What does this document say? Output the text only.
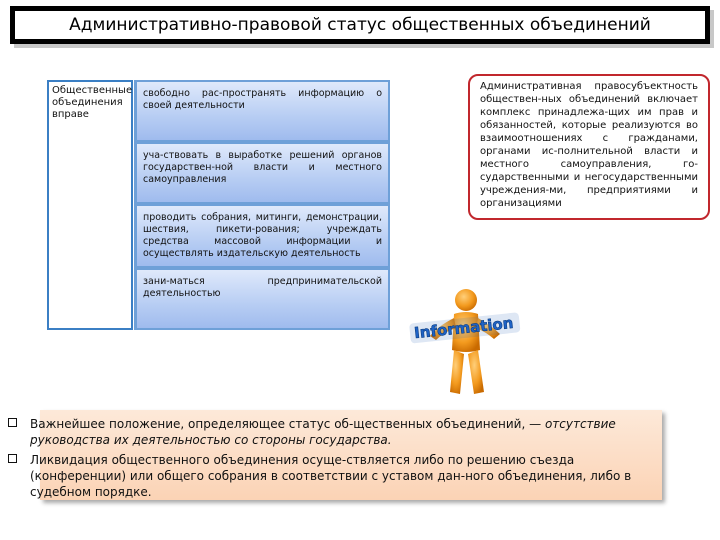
Административно-правовой статус общественных объединений
Общественные объединения вправе
свободно рас-пространять информацию о своей деятельности
уча-ствовать в выработке решений органов государствен-ной власти и местного самоуправления
проводить собрания, митинги, демонстрации, шествия, пикети-рования; учреждать средства массовой информации и осуществлять издательскую деятельность
зани-маться предпринимательской деятельностью
Административная правосубъектность обществен-ных объединений включает комплекс принадлежа-щих им прав и обязанностей, которые реализуются во взаимоотношениях с гражданами, органами ис-полнительной власти и местного самоуправления, го-сударственными и негосударственными учреждения-ми, предприятиями и организациями
Information
Важнейшее положение, определяющее статус об-щественных объединений, — отсутствие руководства их деятельностью со стороны государства.
Ликвидация общественного объединения осуще-ствляется либо по решению съезда (конференции) или общего собрания в соответствии с уставом дан-ного объединения, либо в судебном порядке.
